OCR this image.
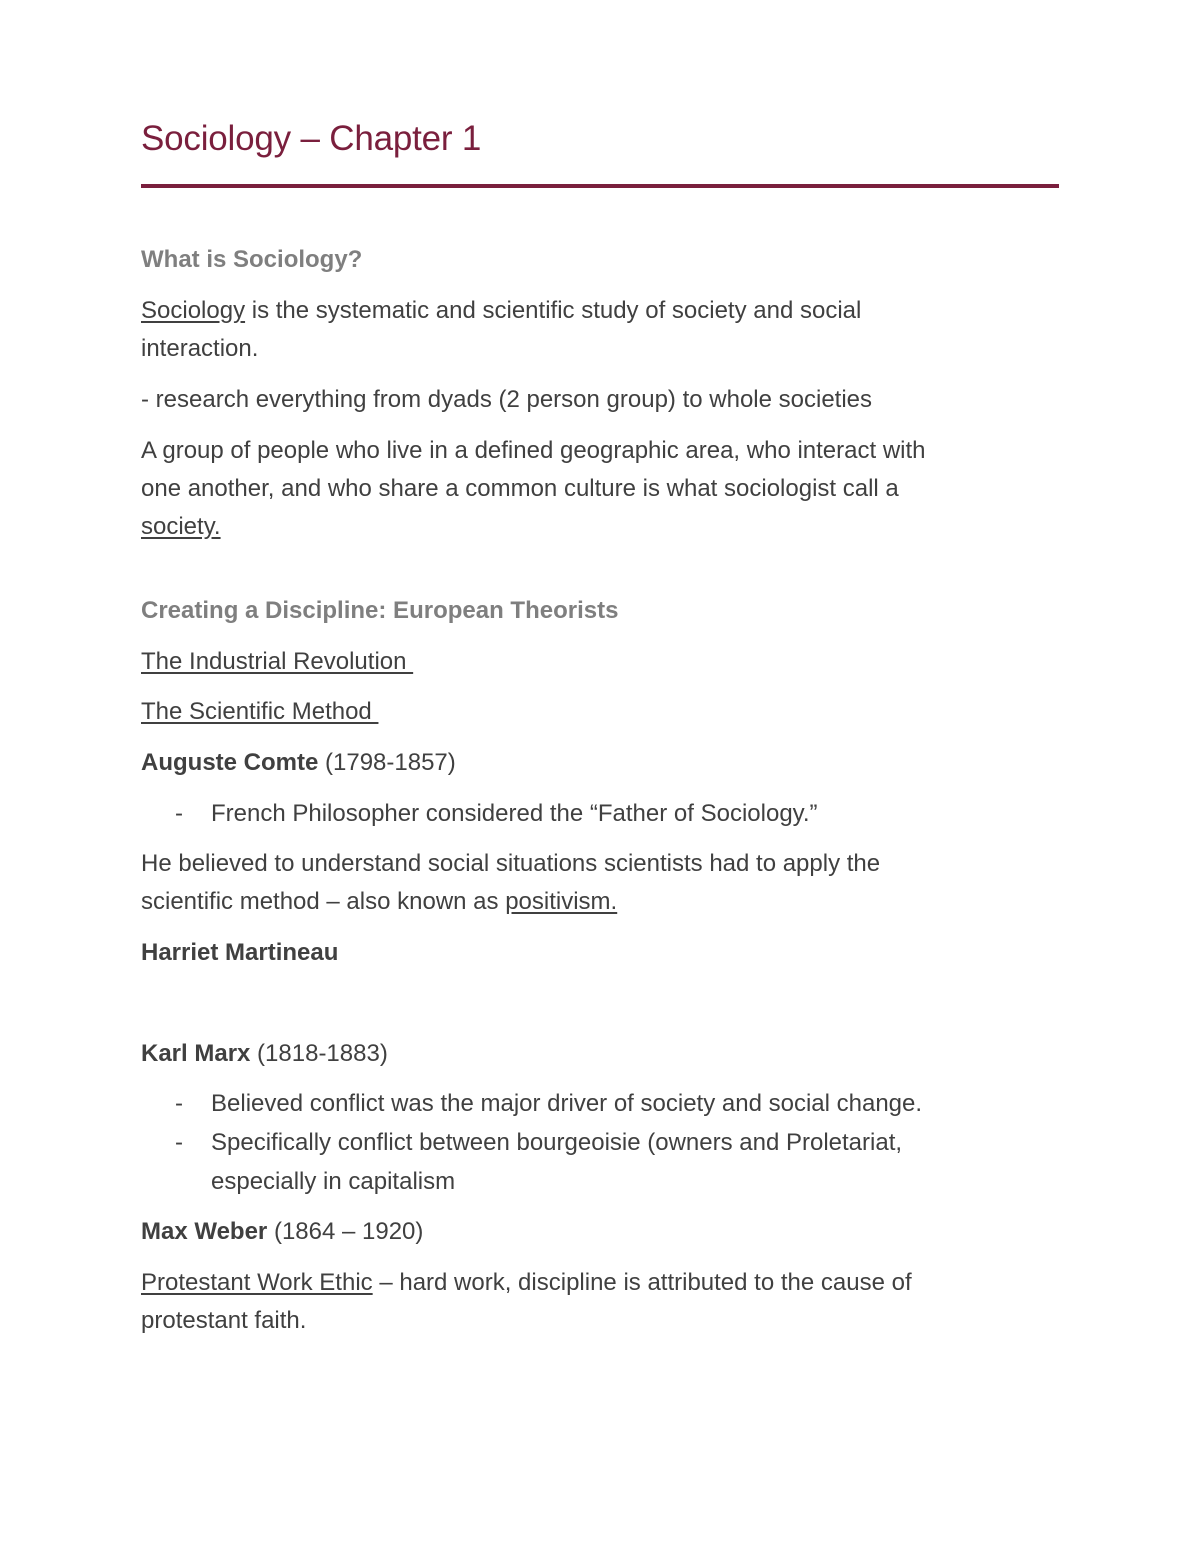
Sociology – Chapter 1
What is Sociology?
Sociology is the systematic and scientific study of society and social
interaction.
- research everything from dyads (2 person group) to whole societies
A group of people who live in a defined geographic area, who interact with
one another, and who share a common culture is what sociologist call a
society.
Creating a Discipline: European Theorists
The Industrial Revolution
The Scientific Method
Auguste Comte (1798-1857)
- French Philosopher considered the “Father of Sociology.”
He believed to understand social situations scientists had to apply the
scientific method – also known as positivism.
Harriet Martineau
Karl Marx (1818-1883)
- Believed conflict was the major driver of society and social change.
- Specifically conflict between bourgeoisie (owners and Proletariat,
especially in capitalism
Max Weber (1864 – 1920)
Protestant Work Ethic – hard work, discipline is attributed to the cause of
protestant faith.
